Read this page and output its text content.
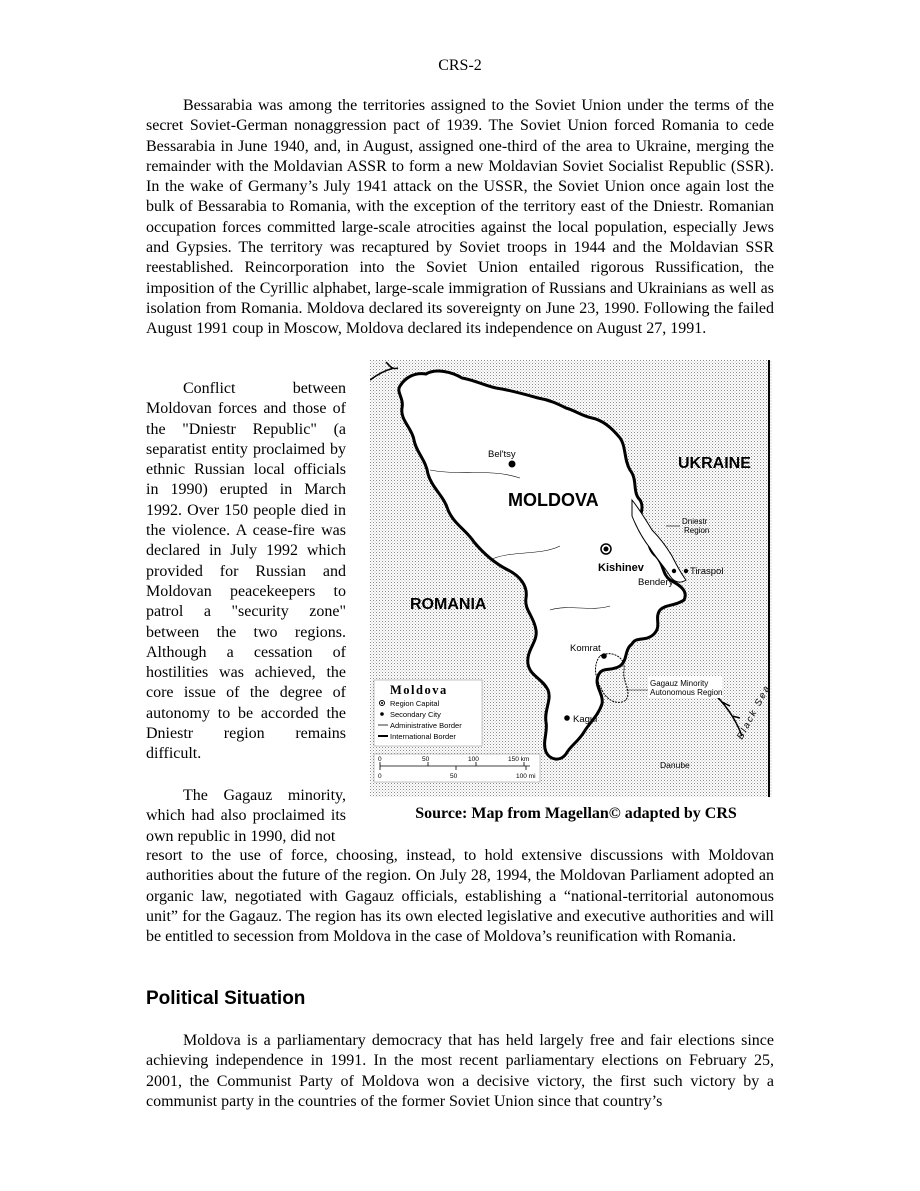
CRS-2

Bessarabia was among the territories assigned to the Soviet Union under the terms of the secret Soviet-German nonaggression pact of 1939. The Soviet Union forced Romania to cede Bessarabia in June 1940, and, in August, assigned one-third of the area to Ukraine, merging the remainder with the Moldavian ASSR to form a new Moldavian Soviet Socialist Republic (SSR). In the wake of Germany’s July 1941 attack on the USSR, the Soviet Union once again lost the bulk of Bessarabia to Romania, with the exception of the territory east of the Dniestr. Romanian occupation forces committed large-scale atrocities against the local population, especially Jews and Gypsies. The territory was recaptured by Soviet troops in 1944 and the Moldavian SSR reestablished. Reincorporation into the Soviet Union entailed rigorous Russification, the imposition of the Cyrillic alphabet, large-scale immigration of Russians and Ukrainians as well as isolation from Romania. Moldova declared its sovereignty on June 23, 1990. Following the failed August 1991 coup in Moscow, Moldova declared its independence on August 27, 1991.

Conflict between Moldovan forces and those of the "Dniestr Republic" (a separatist entity proclaimed by ethnic Russian local officials in 1990) erupted in March 1992. Over 150 people died in the violence. A cease-fire was declared in July 1992 which provided for Russian and Moldovan peacekeepers to patrol a "security zone" between the two regions. Although a cessation of hostilities was achieved, the core issue of the degree of autonomy to be accorded the Dniestr region remains difficult.

The Gagauz minority, which had also proclaimed its own republic in 1990, did not

MOLDOVA
UKRAINE
ROMANIA
Bel'tsy
Kishinev
Bendery
Tiraspol
Komrat
Kagul
Dniestr
Region
Gagauz Minority
Autonomous Region
Danube
Black Sea
Moldova
Region Capital
Secondary City
Administrative Border
International Border
0	50	100	150 km
0	50	100 mi
Source: Map from Magellan© adapted by CRS

resort to the use of force, choosing, instead, to hold extensive discussions with Moldovan authorities about the future of the region. On July 28, 1994, the Moldovan Parliament adopted an organic law, negotiated with Gagauz officials, establishing a “national-territorial autonomous unit” for the Gagauz. The region has its own elected legislative and executive authorities and will be entitled to secession from Moldova in the case of Moldova’s reunification with Romania.

Political Situation

Moldova is a parliamentary democracy that has held largely free and fair elections since achieving independence in 1991. In the most recent parliamentary elections on February 25, 2001, the Communist Party of Moldova won a decisive victory, the first such victory by a communist party in the countries of the former Soviet Union since that country’s
